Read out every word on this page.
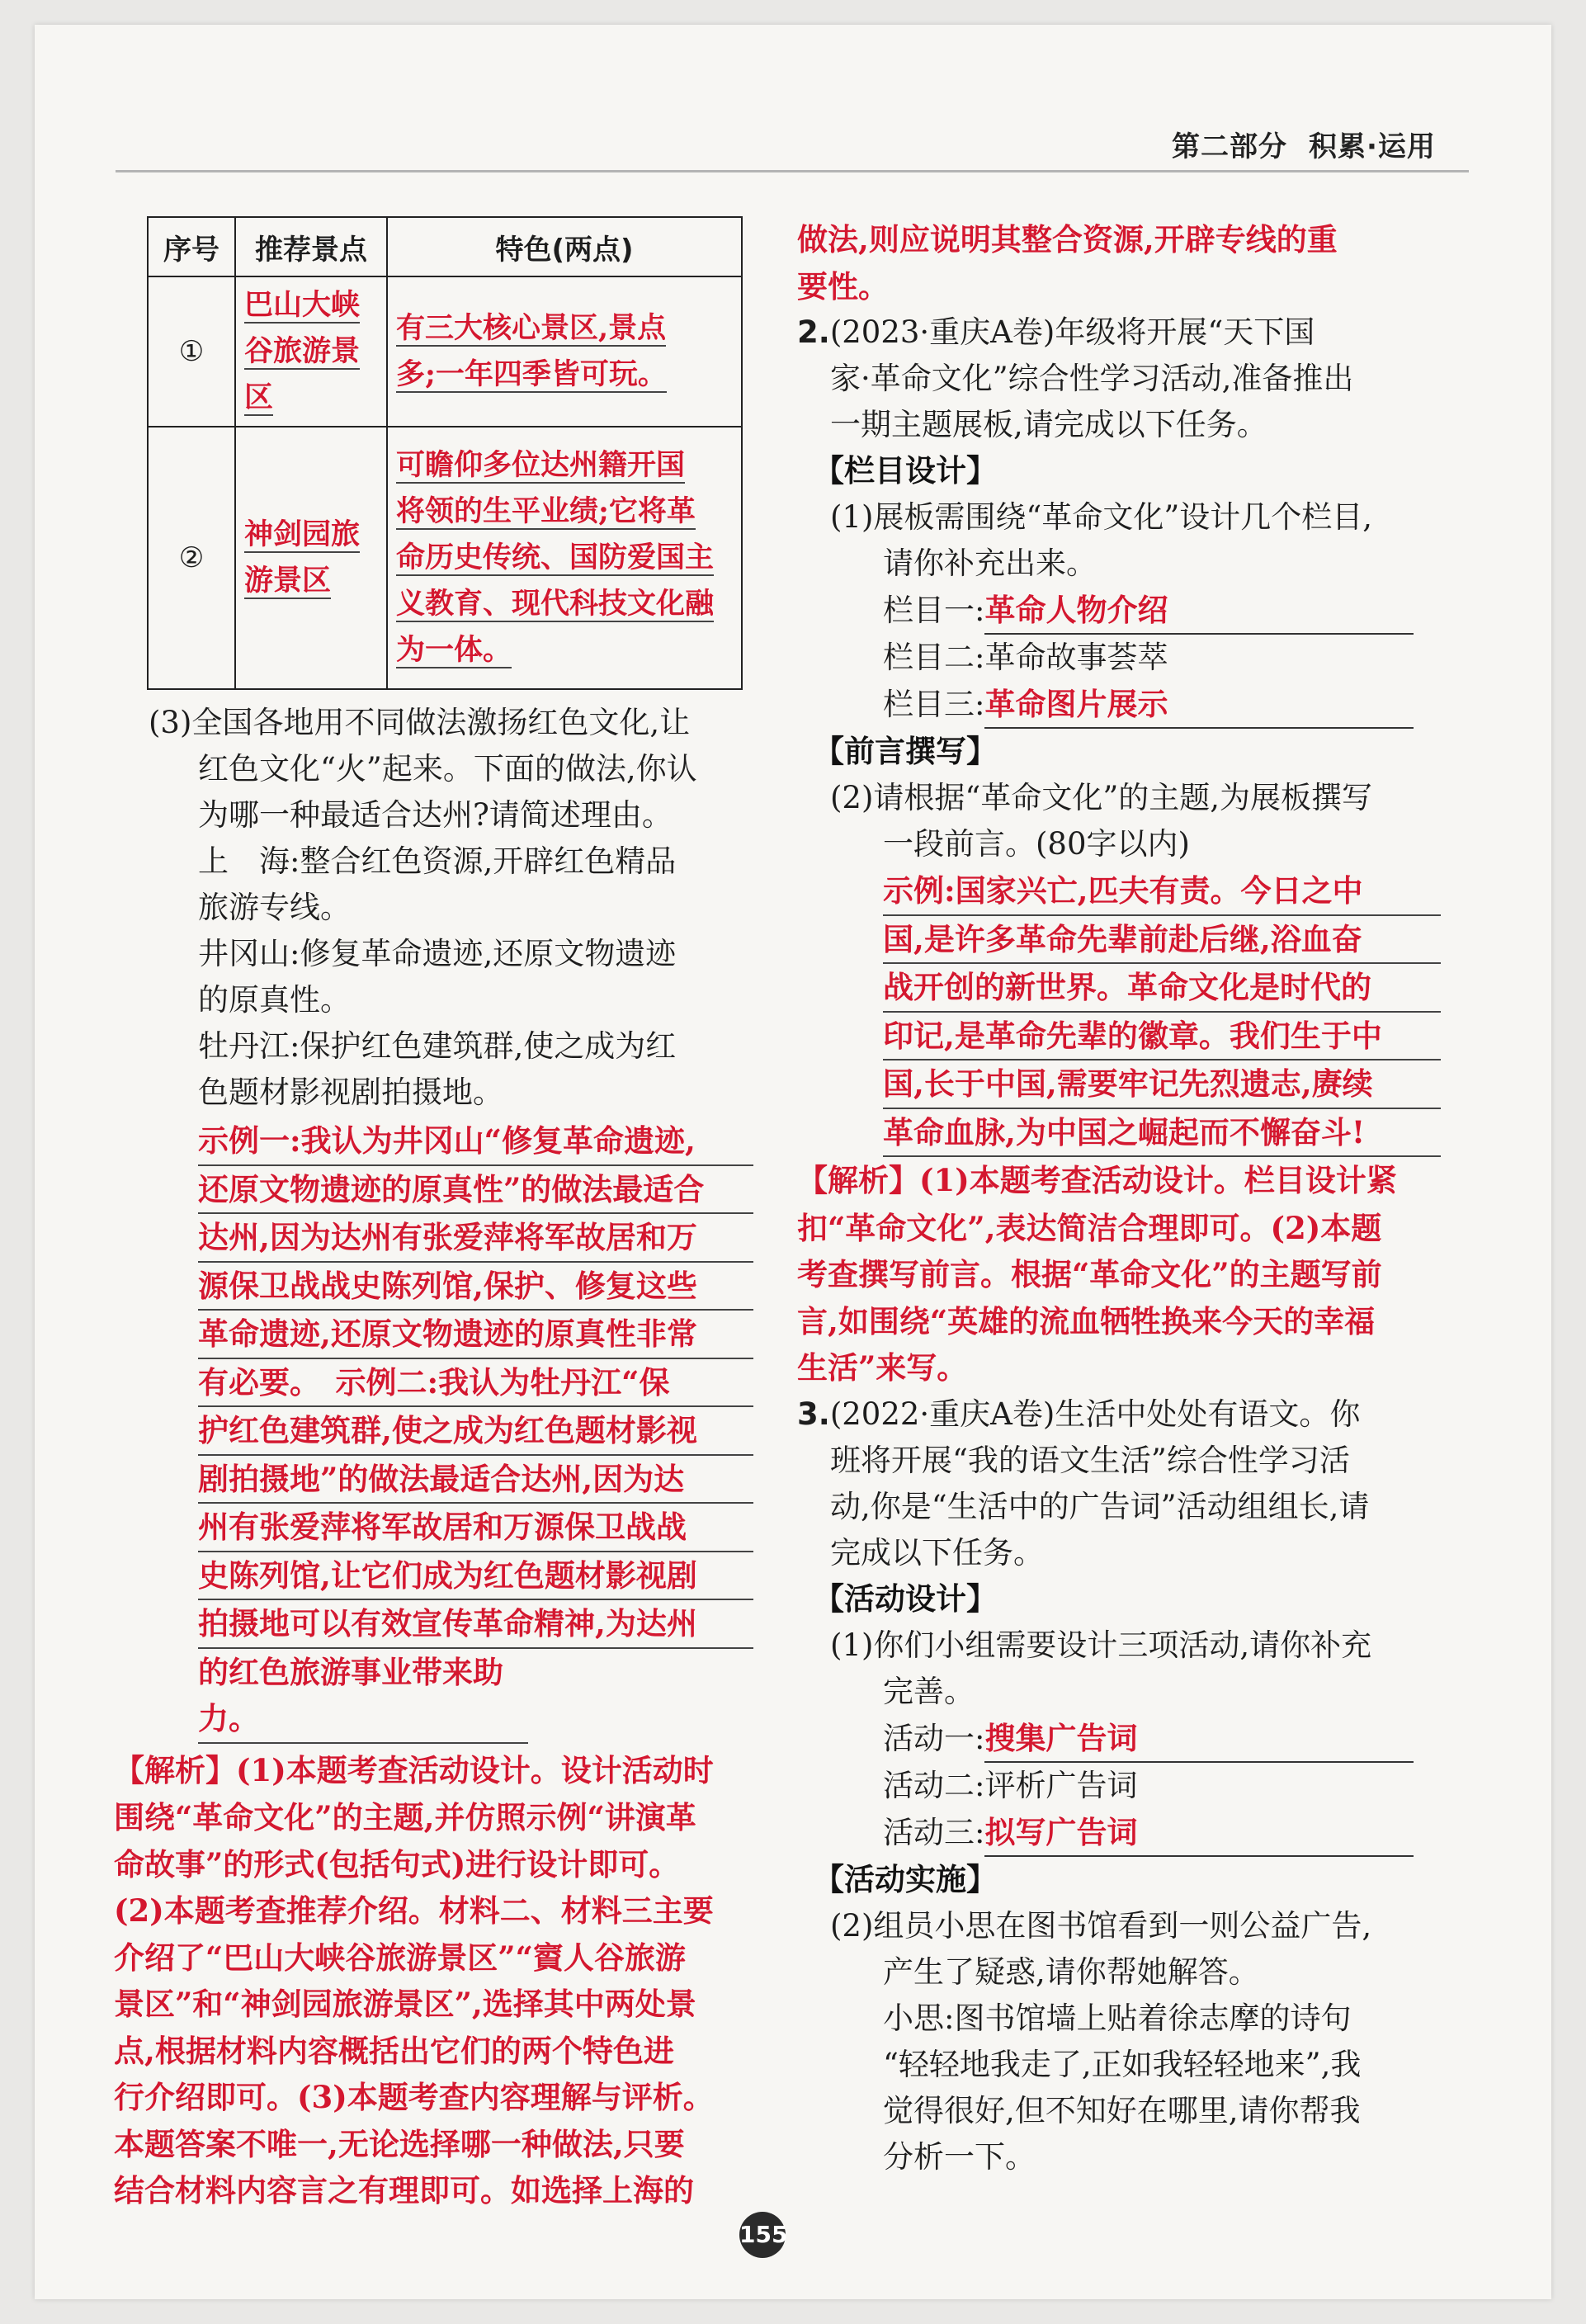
第二部分 积累·运用
序号	推荐景点	特色(两点)
①	巴山大峡
谷旅游景
区	有三大核心景区,景点
多;一年四季皆可玩。
②	神剑园旅
游景区	可瞻仰多位达州籍开国
将领的生平业绩;它将革
命历史传统、国防爱国主
义教育、现代科技文化融
为一体。

(3)全国各地用不同做法激扬红色文化,让

红色文化“火”起来。下面的做法,你认

为哪一种最适合达州?请简述理由。

上　海:整合红色资源,开辟红色精品

旅游专线。

井冈山:修复革命遗迹,还原文物遗迹

的原真性。

牡丹江:保护红色建筑群,使之成为红

色题材影视剧拍摄地。

示例一:我认为井冈山“修复革命遗迹,
还原文物遗迹的原真性”的做法最适合
达州,因为达州有张爱萍将军故居和万
源保卫战战史陈列馆,保护、修复这些
革命遗迹,还原文物遗迹的原真性非常
有必要。　示例二:我认为牡丹江“保
护红色建筑群,使之成为红色题材影视
剧拍摄地”的做法最适合达州,因为达
州有张爱萍将军故居和万源保卫战战
史陈列馆,让它们成为红色题材影视剧
拍摄地可以有效宣传革命精神,为达州
的红色旅游事业带来助力。
【解析】(1)本题考查活动设计。设计活动时
围绕“革命文化”的主题,并仿照示例“讲演革
命故事”的形式(包括句式)进行设计即可。
(2)本题考查推荐介绍。材料二、材料三主要
介绍了“巴山大峡谷旅游景区”“賨人谷旅游
景区”和“神剑园旅游景区”,选择其中两处景
点,根据材料内容概括出它们的两个特色进
行介绍即可。(3)本题考查内容理解与评析。
本题答案不唯一,无论选择哪一种做法,只要
结合材料内容言之有理即可。如选择上海的
做法,则应说明其整合资源,开辟专线的重
要性。

2.(2023·重庆A卷)年级将开展“天下国

家·革命文化”综合性学习活动,准备推出

一期主题展板,请完成以下任务。

【栏目设计】

(1)展板需围绕“革命文化”设计几个栏目,

请你补充出来。

栏目一:革命人物介绍

栏目二:革命故事荟萃

栏目三:革命图片展示

【前言撰写】

(2)请根据“革命文化”的主题,为展板撰写

一段前言。(80字以内)

示例:国家兴亡,匹夫有责。今日之中
国,是许多革命先辈前赴后继,浴血奋
战开创的新世界。革命文化是时代的
印记,是革命先辈的徽章。我们生于中
国,长于中国,需要牢记先烈遗志,赓续
革命血脉,为中国之崛起而不懈奋斗!
【解析】(1)本题考查活动设计。栏目设计紧
扣“革命文化”,表达简洁合理即可。(2)本题
考查撰写前言。根据“革命文化”的主题写前
言,如围绕“英雄的流血牺牲换来今天的幸福
生活”来写。

3.(2022·重庆A卷)生活中处处有语文。你

班将开展“我的语文生活”综合性学习活

动,你是“生活中的广告词”活动组组长,请

完成以下任务。

【活动设计】

(1)你们小组需要设计三项活动,请你补充

完善。

活动一:搜集广告词

活动二:评析广告词

活动三:拟写广告词

【活动实施】

(2)组员小思在图书馆看到一则公益广告,

产生了疑惑,请你帮她解答。

小思:图书馆墙上贴着徐志摩的诗句

“轻轻地我走了,正如我轻轻地来”,我

觉得很好,但不知好在哪里,请你帮我

分析一下。

155
